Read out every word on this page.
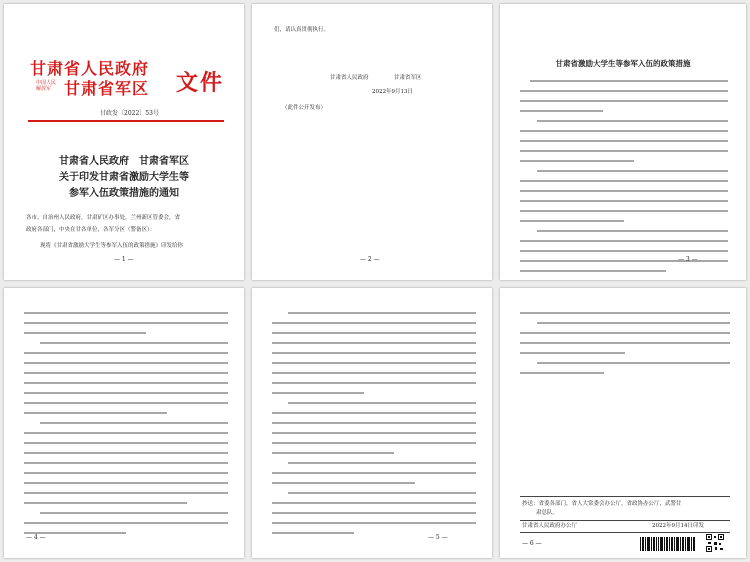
甘肃省人民政府
中国人民
解放军 甘肃省军区 文件
甘政发〔2022〕53号
甘肃省人民政府　甘肃省军区
关于印发甘肃省激励大学生等
参军入伍政策措施的通知
各市、自治州人民政府，甘肃矿区办事处，兰州新区管委会，省
政府各部门，中央在甘各单位，各军分区（警备区）：
现将《甘肃省激励大学生等参军入伍的政策措施》印发给你
— 1 —
们，请认真贯彻执行。
甘肃省人民政府	甘肃省军区
2022年9月13日
（此件公开发布）
— 2 —
甘肃省激励大学生等参军入伍的政策措施
— 3 —
— 4 —	— 5 —
抄送：省委各部门，省人大常委会办公厅，省政协办公厅，武警甘
肃总队。
甘肃省人民政府办公厅	2022年9月14日印发
— 6 —
